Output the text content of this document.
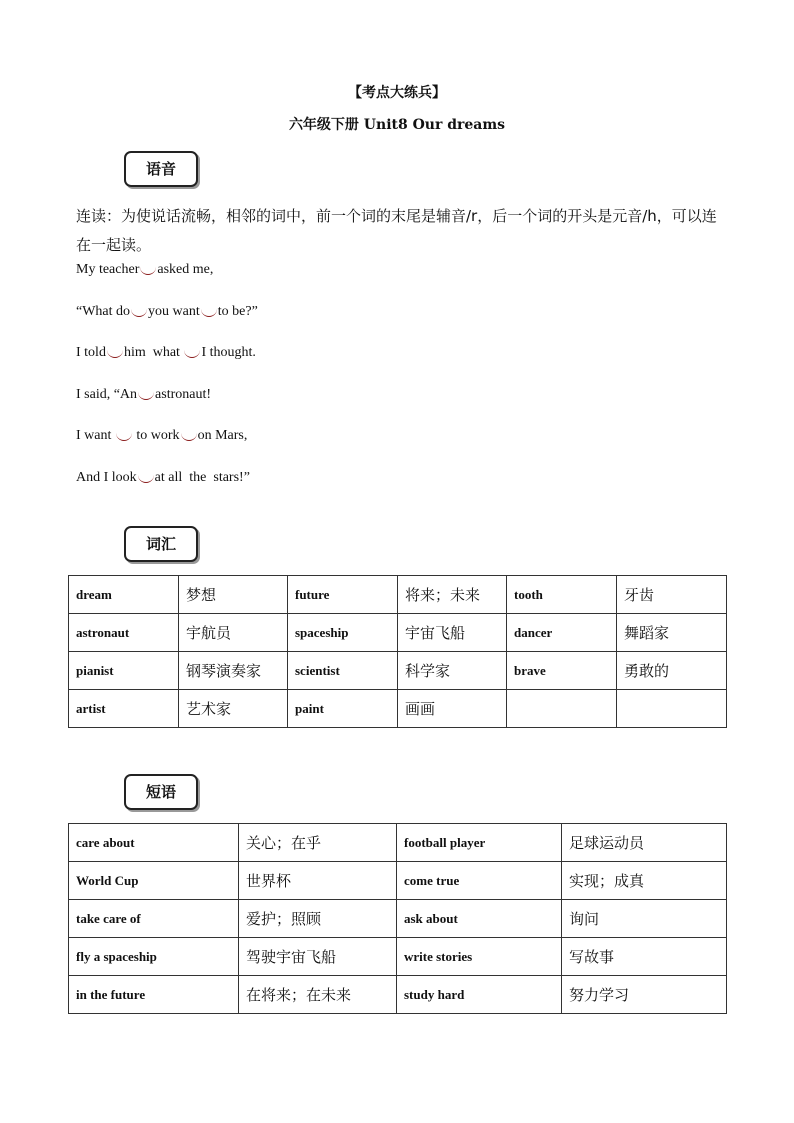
【考点大练兵】
六年级下册 Unit8 Our dreams
语音
连读：为使说话流畅，相邻的词中，前一个词的末尾是辅音/r，后一个词的开头是元音/h，可以连在一起读。
My teacher asked me,
“What do you want to be?”
I told him  what I thought.
I said, “An astronaut!
I want  to work on Mars,
And I look at all  the  stars!”
词汇
dream	梦想	future	将来；未来	tooth	牙齿
astronaut	宇航员	spaceship	宇宙飞船	dancer	舞蹈家
pianist	钢琴演奏家	scientist	科学家	brave	勇敢的
artist	艺术家	paint	画画		
短语
care about	关心；在乎	football player	足球运动员
World Cup	世界杯	come true	实现；成真
take care of	爱护；照顾	ask about	询问
fly a spaceship	驾驶宇宙飞船	write stories	写故事
in the future	在将来；在未来	study hard	努力学习
